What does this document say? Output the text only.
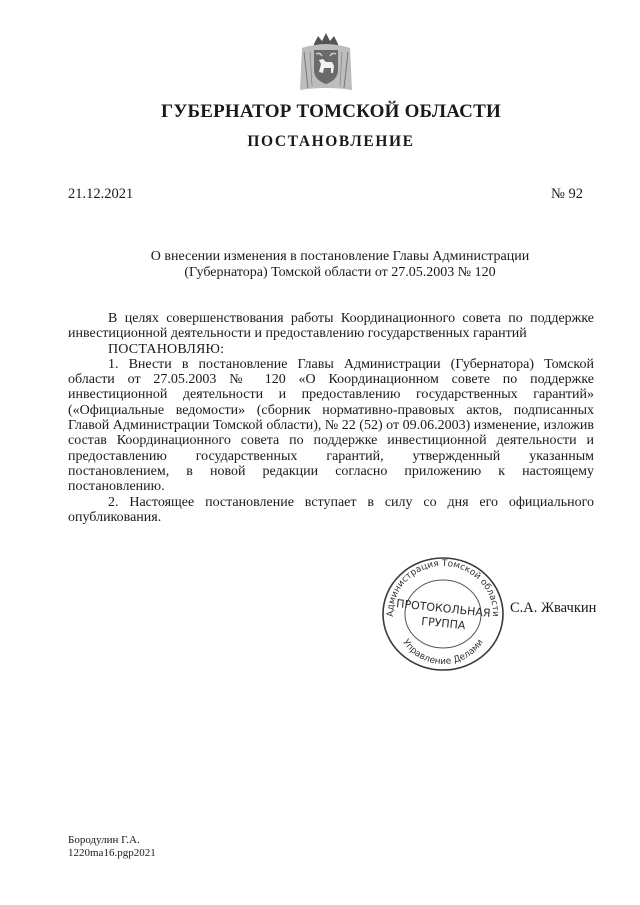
ГУБЕРНАТОР ТОМСКОЙ ОБЛАСТИ
ПОСТАНОВЛЕНИЕ
21.12.2021	№ 92
О внесении изменения в постановление Главы Администрации
(Губернатора) Томской области от 27.05.2003 № 120

В целях совершенствования работы Координационного совета по поддержке инвестиционной деятельности и предоставлению государственных гарантий

ПОСТАНОВЛЯЮ:

1. Внести в постановление Главы Администрации (Губернатора) Томской области от 27.05.2003 № 120 «О Координационном совете по поддержке инвестиционной деятельности и предоставлению государственных гарантий» («Официальные ведомости» (сборник нормативно-правовых актов, подписанных Главой Администрации Томской области), № 22 (52) от 09.06.2003) изменение, изложив состав Координационного совета по поддержке инвестиционной деятельности и предоставлению государственных гарантий, утвержденный указанным постановлением, в новой редакции согласно приложению к настоящему постановлению.

2. Настоящее постановление вступает в силу со дня его официального опубликования.

Администрация Томской области
Управление Делами
ПРОТОКОЛЬНАЯ
ГРУППА
С.А. Жвачкин
Бородулин Г.А.
1220ma16.pgp2021
